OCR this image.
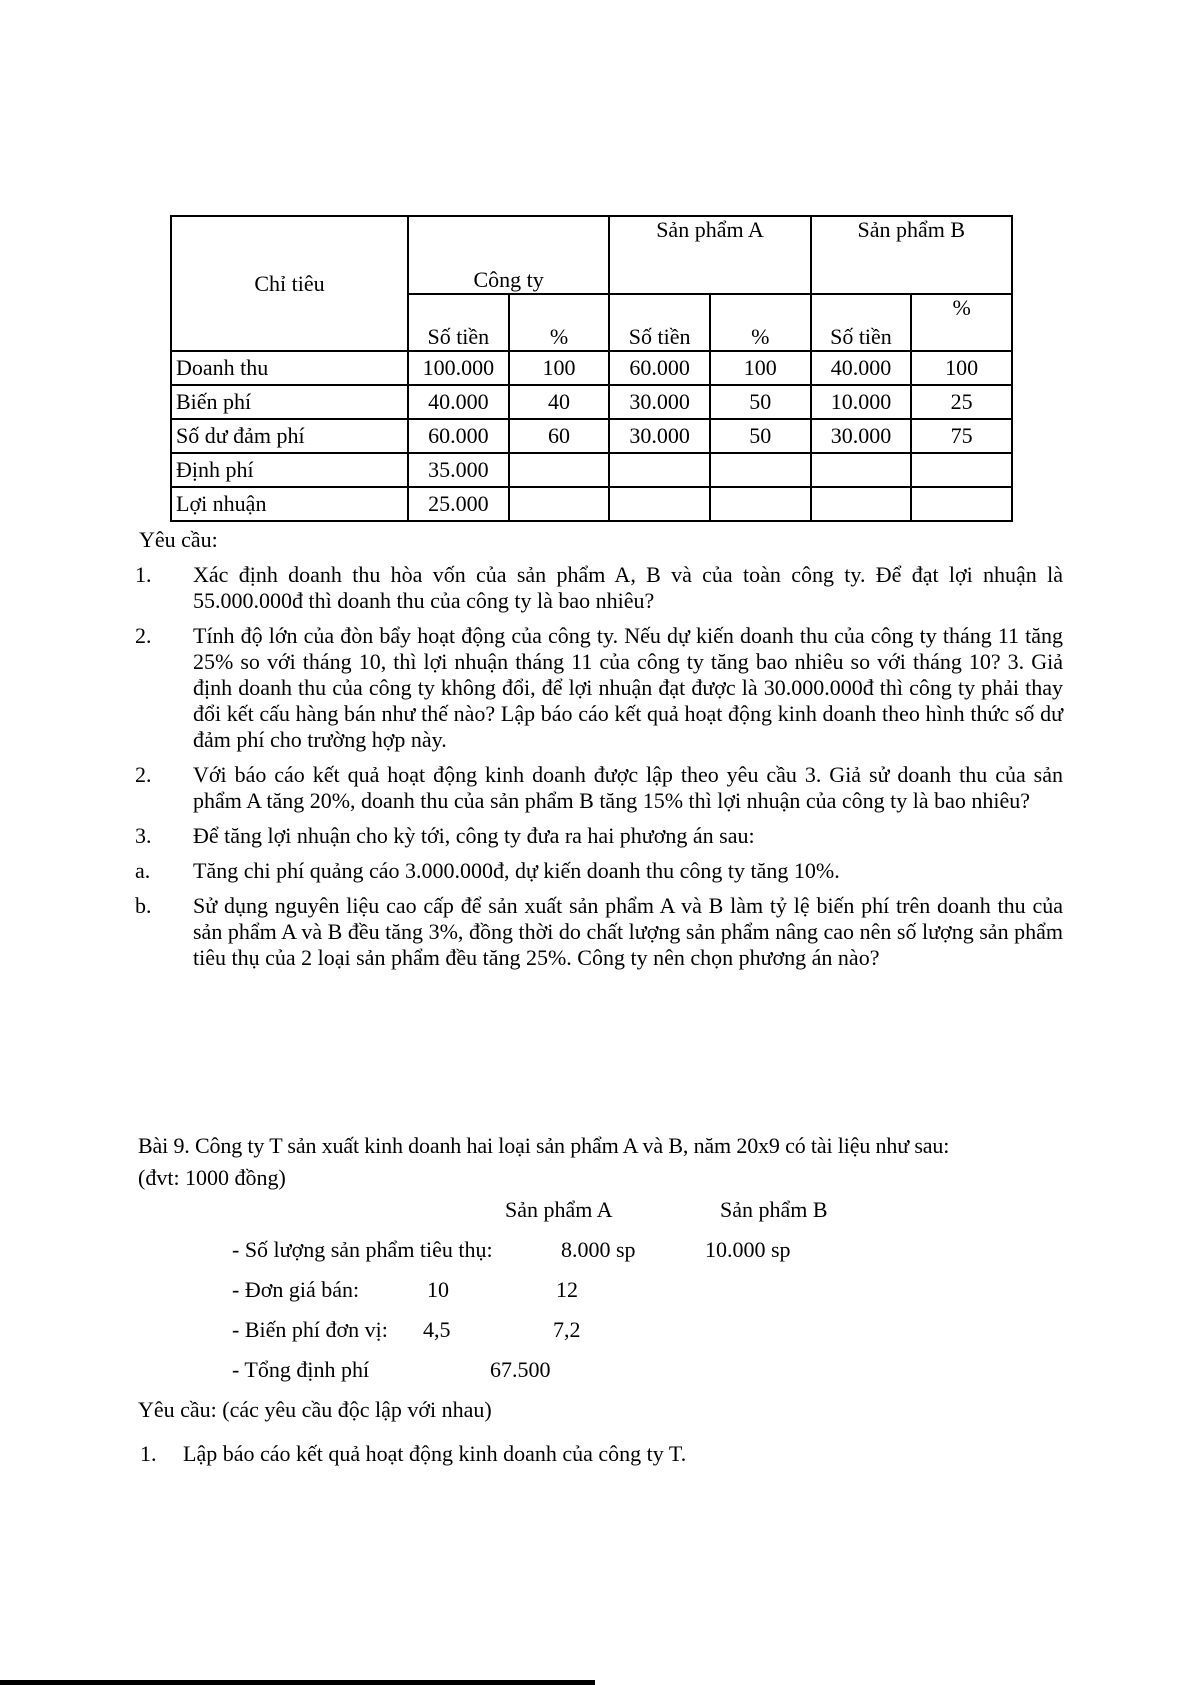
Chỉ tiêu	Công ty		Sản phẩm A		Sản phẩm B	
	Số tiền	%	Số tiền	%	Số tiền	%
Doanh thu	100.000	100	60.000	100	40.000	100
Biến phí	40.000	40	30.000	50	10.000	25
Số dư đảm phí	60.000	60	30.000	50	30.000	75
Định phí	35.000					
Lợi nhuận	25.000					
Yêu cầu:
1.	Xác định doanh thu hòa vốn của sản phẩm A, B và của toàn công ty. Để đạt lợi nhuận là 55.000.000đ thì doanh thu của công ty là bao nhiêu?
2.	Tính độ lớn của đòn bẩy hoạt động của công ty. Nếu dự kiến doanh thu của công ty tháng 11 tăng 25% so với tháng 10, thì lợi nhuận tháng 11 của công ty tăng bao nhiêu so với tháng 10? 3. Giả định doanh thu của công ty không đổi, để lợi nhuận đạt được là 30.000.000đ thì công ty phải thay đổi kết cấu hàng bán như thế nào? Lập báo cáo kết quả hoạt động kinh doanh theo hình thức số dư đảm phí cho trường hợp này.
2.	Với báo cáo kết quả hoạt động kinh doanh được lập theo yêu cầu 3. Giả sử doanh thu của sản phẩm A tăng 20%, doanh thu của sản phẩm B tăng 15% thì lợi nhuận của công ty là bao nhiêu?
3.	Để tăng lợi nhuận cho kỳ tới, công ty đưa ra hai phương án sau:
a.	Tăng chi phí quảng cáo 3.000.000đ, dự kiến doanh thu công ty tăng 10%.
b.	Sử dụng nguyên liệu cao cấp để sản xuất sản phẩm A và B làm tỷ lệ biến phí trên doanh thu của sản phẩm A và B đều tăng 3%, đồng thời do chất lượng sản phẩm nâng cao nên số lượng sản phẩm tiêu thụ của 2 loại sản phẩm đều tăng 25%. Công ty nên chọn phương án nào?
Bài 9. Công ty T sản xuất kinh doanh hai loại sản phẩm A và B, năm 20x9 có tài liệu như sau:
(đvt: 1000 đồng)
Sản phẩm A	Sản phẩm B
- Số lượng sản phẩm tiêu thụ:	8.000 sp	10.000 sp
- Đơn giá bán:	10	12
- Biến phí đơn vị: 4,5	7,2
- Tổng định phí	67.500
Yêu cầu: (các yêu cầu độc lập với nhau)
1. Lập báo cáo kết quả hoạt động kinh doanh của công ty T.
